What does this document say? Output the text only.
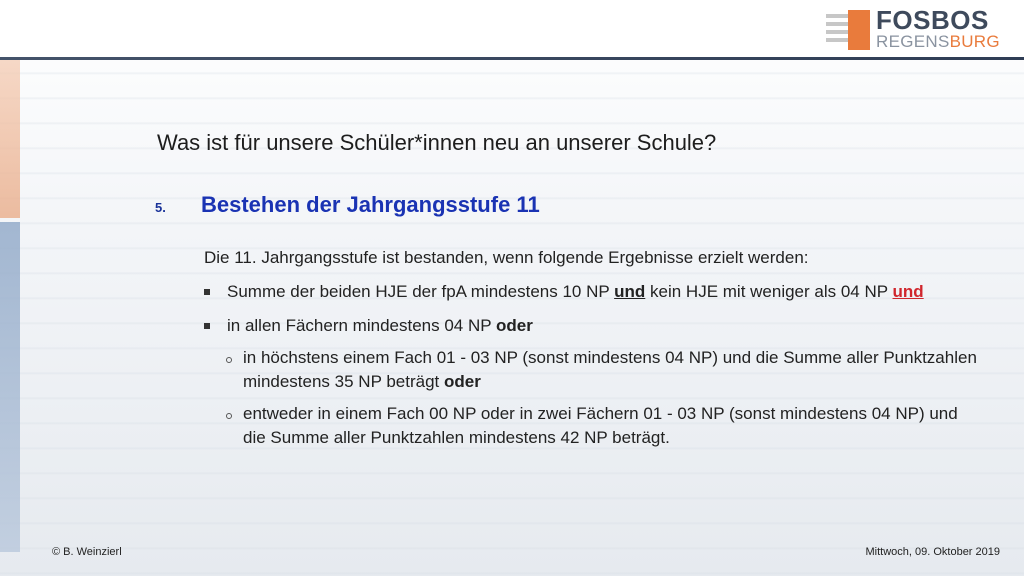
FOSBOS
REGENSBURG
Was ist für unsere Schüler*innen neu an unserer Schule?
5.	Bestehen der Jahrgangsstufe 11
Die 11. Jahrgangsstufe ist bestanden, wenn folgende Ergebnisse erzielt werden:
Summe der beiden HJE der fpA mindestens 10 NP und kein HJE mit weniger als 04 NP und
in allen Fächern mindestens 04 NP oder
in höchstens einem Fach 01 - 03 NP (sonst mindestens 04 NP) und die Summe aller Punktzahlen mindestens 35 NP beträgt oder
entweder in einem Fach 00 NP oder in zwei Fächern 01 - 03 NP (sonst mindestens 04 NP) und die Summe aller Punktzahlen mindestens 42 NP beträgt.
© B. Weinzierl	Mittwoch, 09. Oktober 2019
